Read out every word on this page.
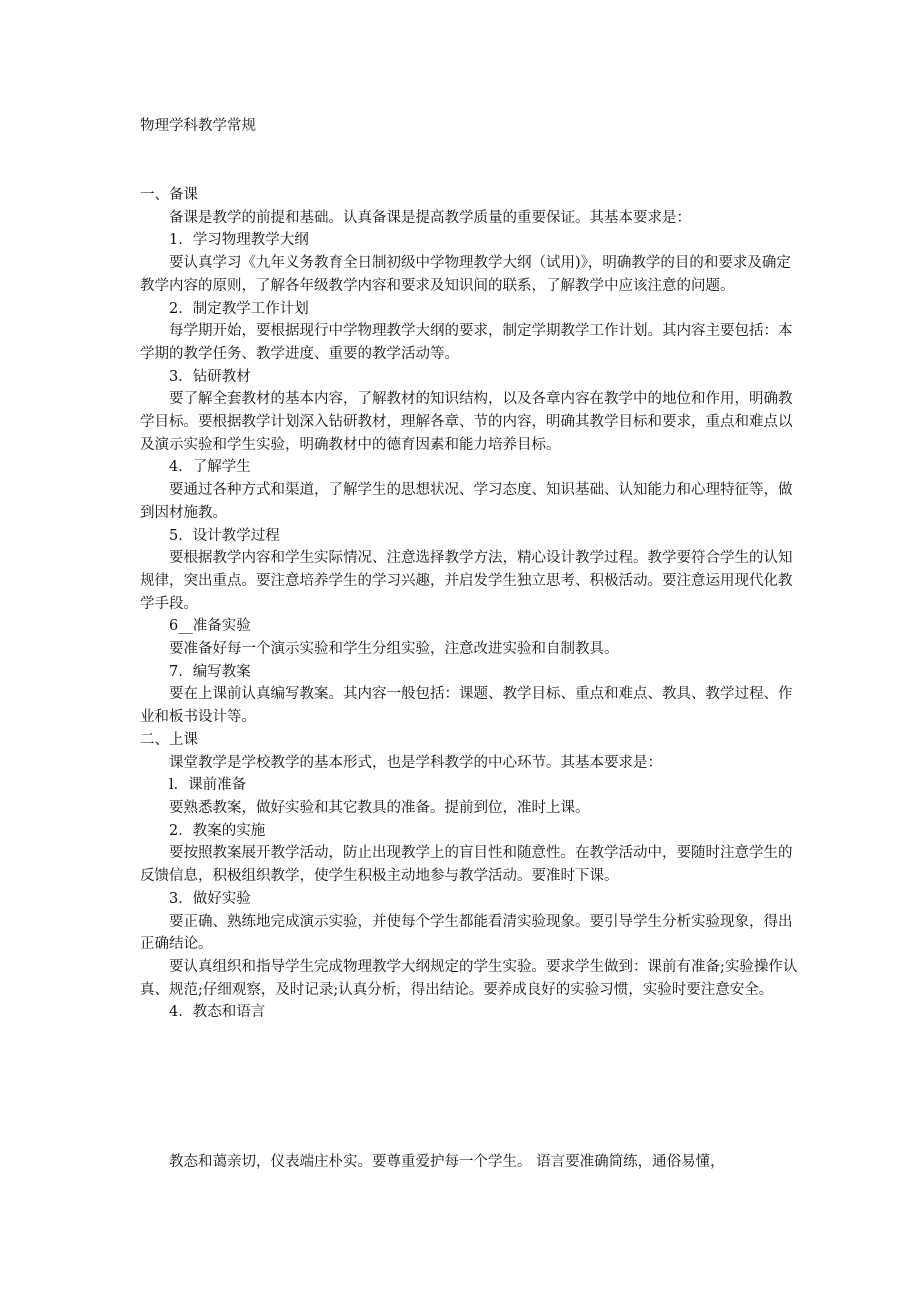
物理学科教学常规

一、备课

备课是教学的前提和基础。认真备课是提高教学质量的重要保证。其基本要求是：

1．学习物理教学大纲

要认真学习《九年义务教育全日制初级中学物理教学大纲（试用)》，明确教学的目的和要求及确定教学内容的原则，了解各年级教学内容和要求及知识间的联系，了解教学中应该注意的问题。

2．制定教学工作计划

每学期开始，要根据现行中学物理教学大纲的要求，制定学期教学工作计划。其内容主要包括：本学期的教学任务、教学进度、重要的教学活动等。

3．钻研教材

要了解全套教材的基本内容，了解教材的知识结构，以及各章内容在教学中的地位和作用，明确教学目标。要根据教学计划深入钻研教材，理解各章、节的内容，明确其教学目标和要求，重点和难点以及演示实验和学生实验，明确教材中的德育因素和能力培养目标。

4．了解学生

要通过各种方式和渠道，了解学生的思想状况、学习态度、知识基础、认知能力和心理特征等，做到因材施教。

5．设计教学过程

要根据教学内容和学生实际情况、注意选择教学方法，精心设计教学过程。教学要符合学生的认知规律，突出重点。要注意培养学生的学习兴趣，并启发学生独立思考、积极活动。要注意运用现代化教学手段。

6__准备实验

要准备好每一个演示实验和学生分组实验，注意改进实验和自制教具。

7．编写教案

要在上课前认真编写教案。其内容一般包括：课题、教学目标、重点和难点、教具、教学过程、作业和板书设计等。

二、上课

课堂教学是学校教学的基本形式，也是学科教学的中心环节。其基本要求是：

l．课前准备

要熟悉教案，做好实验和其它教具的准备。提前到位，准时上课。

2．教案的实施

要按照教案展开教学活动，防止出现教学上的盲目性和随意性。在教学活动中，要随时注意学生的反馈信息，积极组织教学，使学生积极主动地参与教学活动。要准时下课。

3．做好实验

要正确、熟练地完成演示实验，并使每个学生都能看清实验现象。要引导学生分析实验现象，得出正确结论。

要认真组织和指导学生完成物理教学大纲规定的学生实验。要求学生做到：课前有准备;实验操作认真、规范;仔细观察，及时记录;认真分析，得出结论。要养成良好的实验习惯，实验时要注意安全。

4．教态和语言

教态和蔼亲切，仪表端庄朴实。要尊重爱护每一个学生。 语言要准确简练，通俗易懂，
